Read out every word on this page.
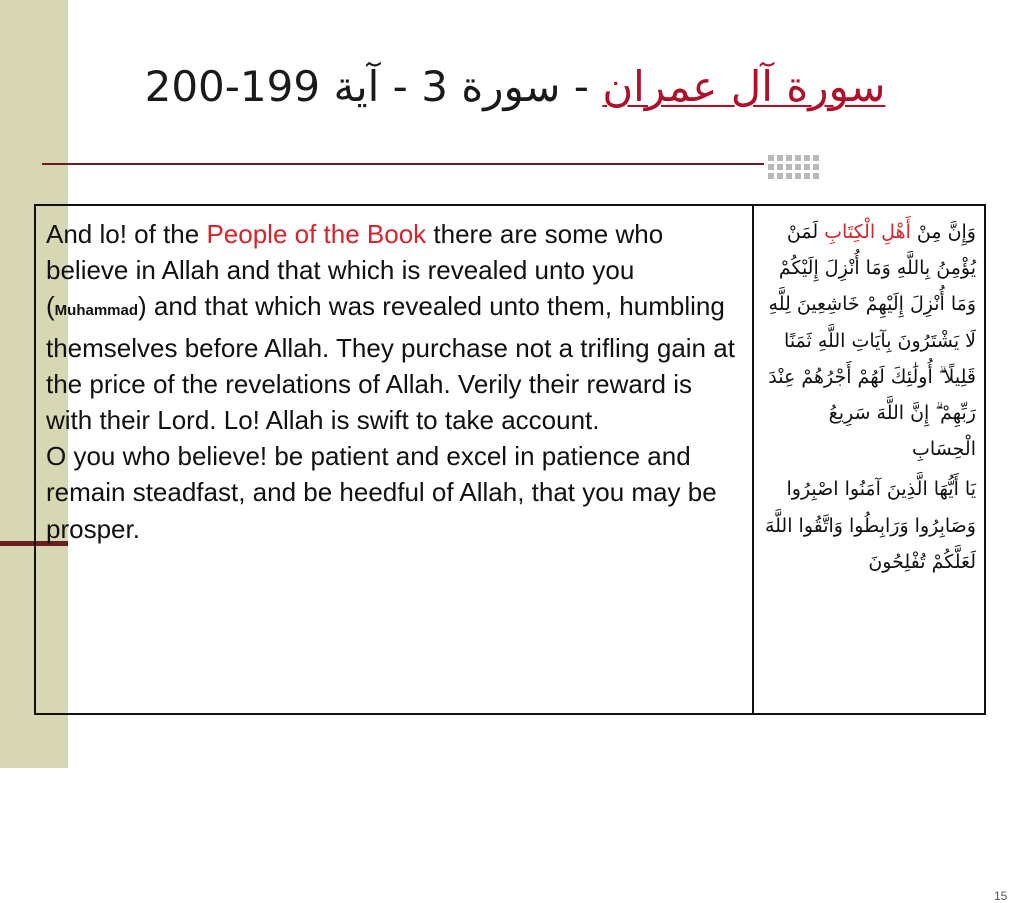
سورة آل عمران - سورة 3 - آية 199-200
And lo! of the People of the Book there are some who believe in Allah and that which is revealed unto you (Muhammad) and that which was revealed unto them, humbling themselves before Allah. They purchase not a trifling gain at the price of the revelations of Allah. Verily their reward is with their Lord. Lo! Allah is swift to take account.
O you who believe! be patient and excel in patience and remain steadfast, and be heedful of Allah, that you may be prosper.
وَإِنَّ مِنْ أَهْلِ الْكِتَابِ لَمَنْ يُؤْمِنُ بِاللَّهِ وَمَا أُنْزِلَ إِلَيْكُمْ وَمَا أُنْزِلَ إِلَيْهِمْ خَاشِعِينَ لِلَّهِ لَا يَشْتَرُونَ بِآيَاتِ اللَّهِ ثَمَنًا قَلِيلًا ۗ أُولَٰئِكَ لَهُمْ أَجْرُهُمْ عِنْدَ رَبِّهِمْ ۗ إِنَّ اللَّهَ سَرِيعُ الْحِسَابِ
يَا أَيُّهَا الَّذِينَ آمَنُوا اصْبِرُوا وَصَابِرُوا وَرَابِطُوا وَاتَّقُوا اللَّهَ لَعَلَّكُمْ تُفْلِحُونَ
15
